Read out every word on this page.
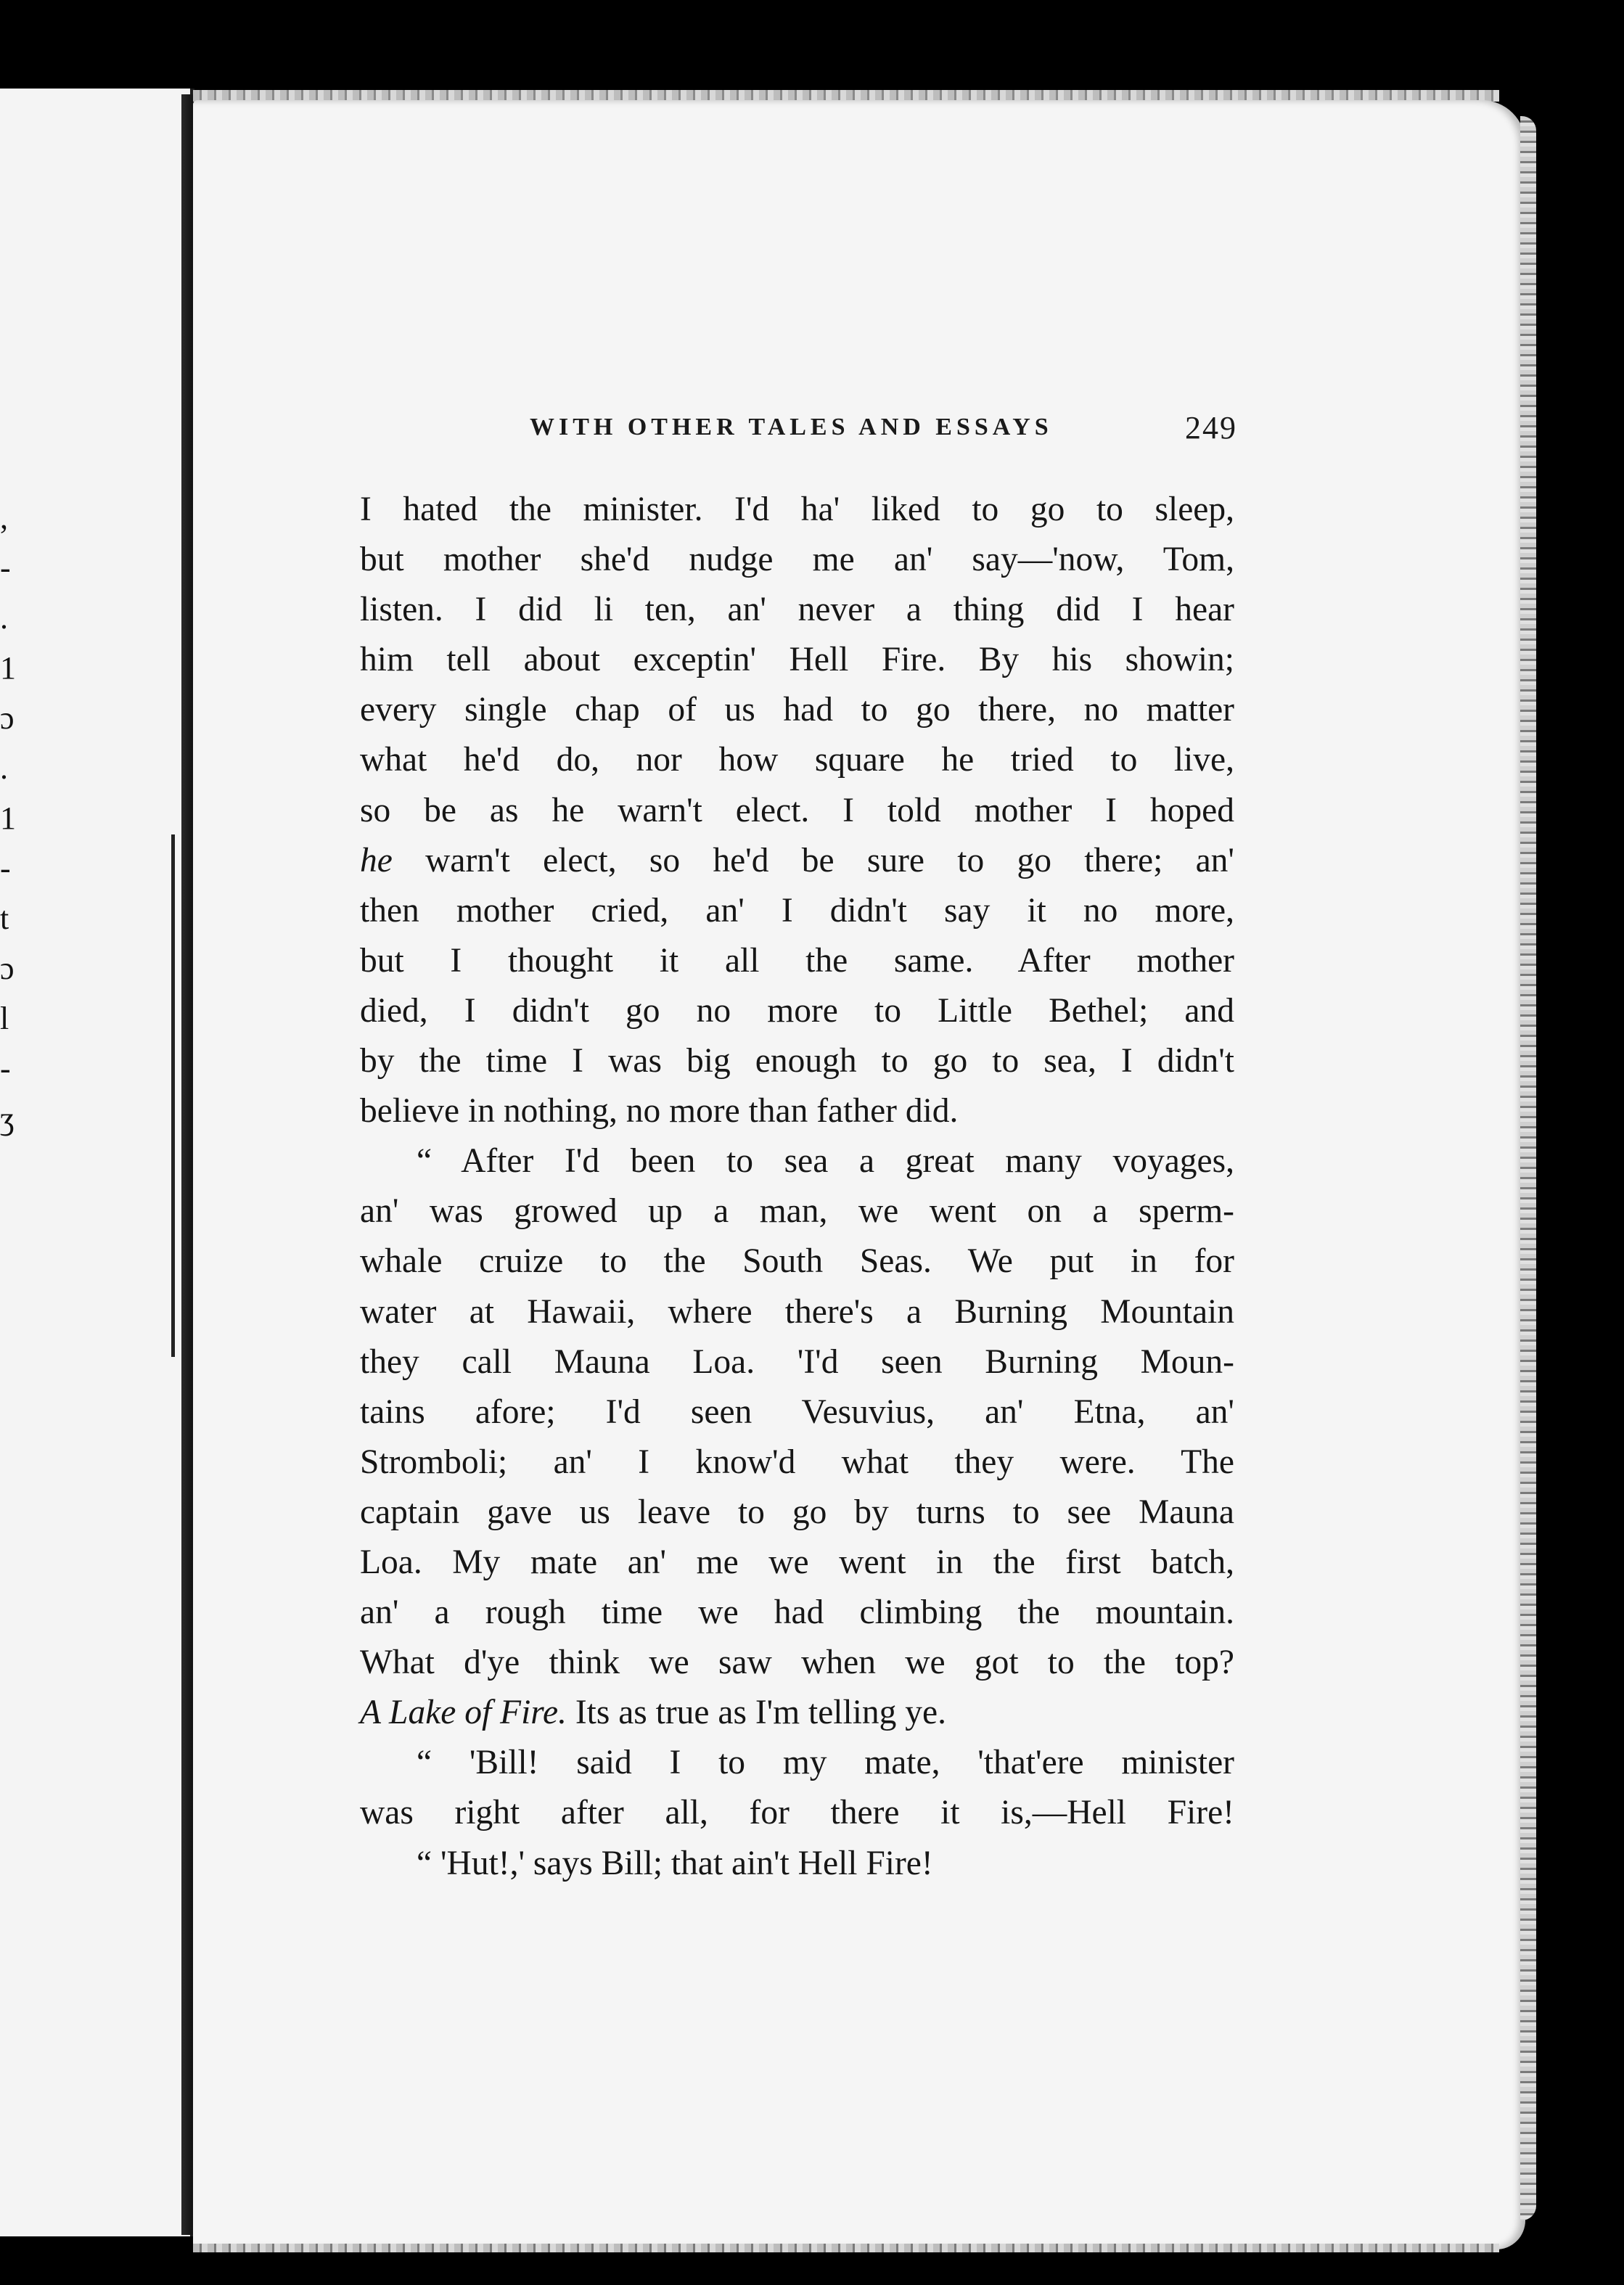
,
-
.
1
ɔ
.
1
-
t
ɔ
l
-
ʒ
WITH OTHER TALES AND ESSAYS	249
I hated the minister. I'd ha' liked to go to sleep,
but mother she'd nudge me an' say—'now, Tom,
listen. I did li ten, an' never a thing did I hear
him tell about exceptin' Hell Fire. By his showin;
every single chap of us had to go there, no matter
what he'd do, nor how square he tried to live,
so be as he warn't elect. I told mother I hoped
he warn't elect, so he'd be sure to go there; an'
then mother cried, an' I didn't say it no more,
but I thought it all the same. After mother
died, I didn't go no more to Little Bethel; and
by the time I was big enough to go to sea, I didn't
believe in nothing, no more than father did.
“ After I'd been to sea a great many voyages,
an' was growed up a man, we went on a sperm-
whale cruize to the South Seas. We put in for
water at Hawaii, where there's a Burning Mountain
they call Mauna Loa. 'I'd seen Burning Moun-
tains afore; I'd seen Vesuvius, an' Etna, an'
Stromboli; an' I know'd what they were. The
captain gave us leave to go by turns to see Mauna
Loa. My mate an' me we went in the first batch,
an' a rough time we had climbing the mountain.
What d'ye think we saw when we got to the top?
A Lake of Fire. Its as true as I'm telling ye.
“ 'Bill! said I to my mate, 'that'ere minister
was right after all, for there it is,—Hell Fire!
“ 'Hut!,' says Bill; that ain't Hell Fire!
